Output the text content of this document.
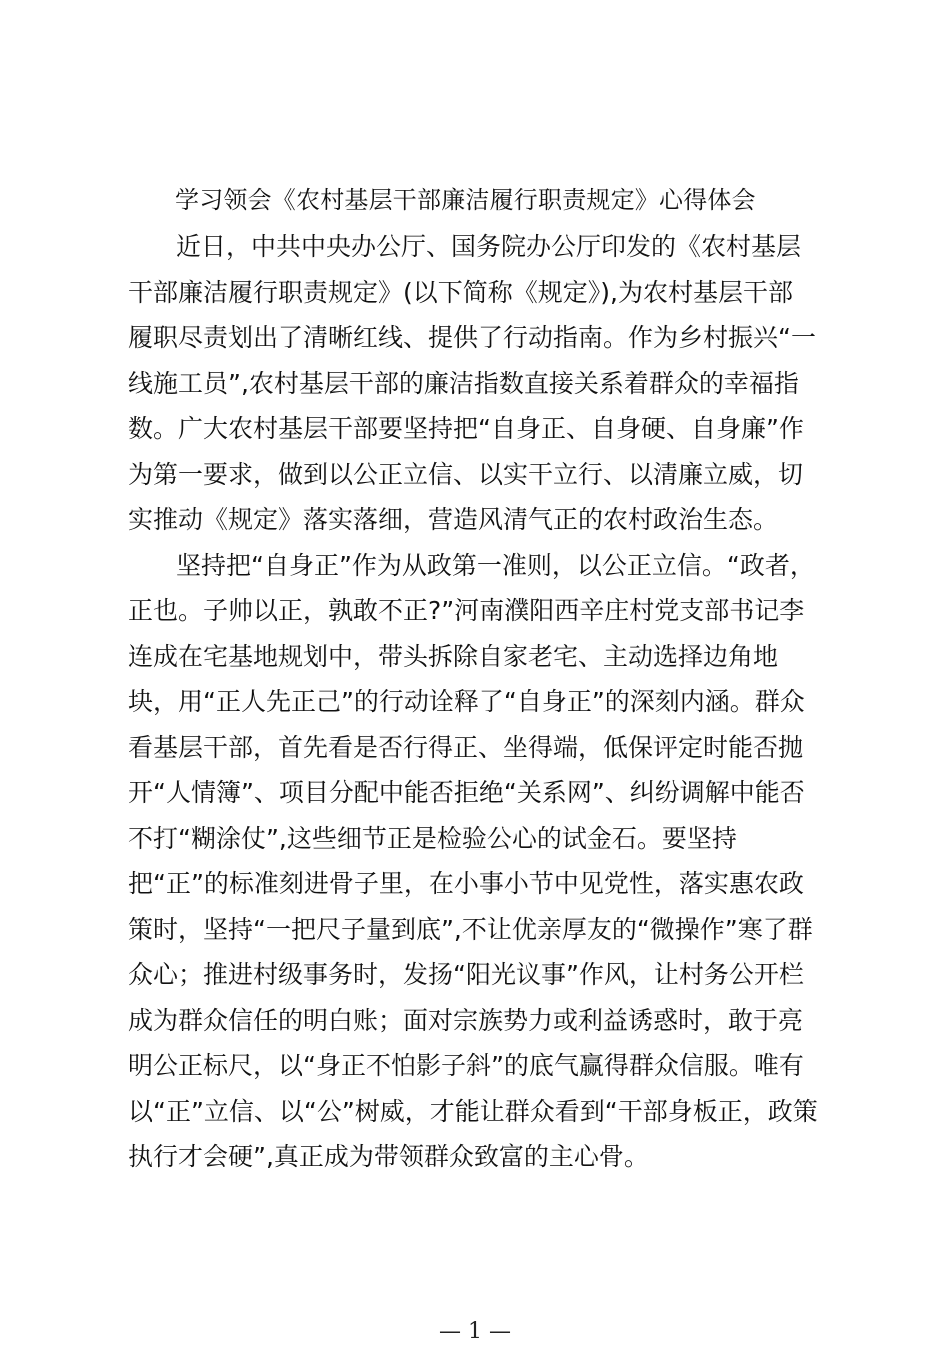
学习领会《农村基层干部廉洁履行职责规定》心得体会
近日，中共中央办公厅、国务院办公厅印发的《农村基层
干部廉洁履行职责规定》(以下简称《规定》),为农村基层干部
履职尽责划出了清晰红线、提供了行动指南。作为乡村振兴“一
线施工员”,农村基层干部的廉洁指数直接关系着群众的幸福指
数。广大农村基层干部要坚持把“自身正、自身硬、自身廉”作
为第一要求，做到以公正立信、以实干立行、以清廉立威，切
实推动《规定》落实落细，营造风清气正的农村政治生态。
坚持把“自身正”作为从政第一准则，以公正立信。“政者，
正也。子帅以正，孰敢不正?”河南濮阳西辛庄村党支部书记李
连成在宅基地规划中，带头拆除自家老宅、主动选择边角地
块，用“正人先正己”的行动诠释了“自身正”的深刻内涵。群众
看基层干部，首先看是否行得正、坐得端，低保评定时能否抛
开“人情簿”、项目分配中能否拒绝“关系网”、纠纷调解中能否
不打“糊涂仗”,这些细节正是检验公心的试金石。要坚持
把“正”的标准刻进骨子里，在小事小节中见党性，落实惠农政
策时，坚持“一把尺子量到底”,不让优亲厚友的“微操作”寒了群
众心；推进村级事务时，发扬“阳光议事”作风，让村务公开栏
成为群众信任的明白账；面对宗族势力或利益诱惑时，敢于亮
明公正标尺，以“身正不怕影子斜”的底气赢得群众信服。唯有
以“正”立信、以“公”树威，才能让群众看到“干部身板正，政策
执行才会硬”,真正成为带领群众致富的主心骨。
— 1 —
